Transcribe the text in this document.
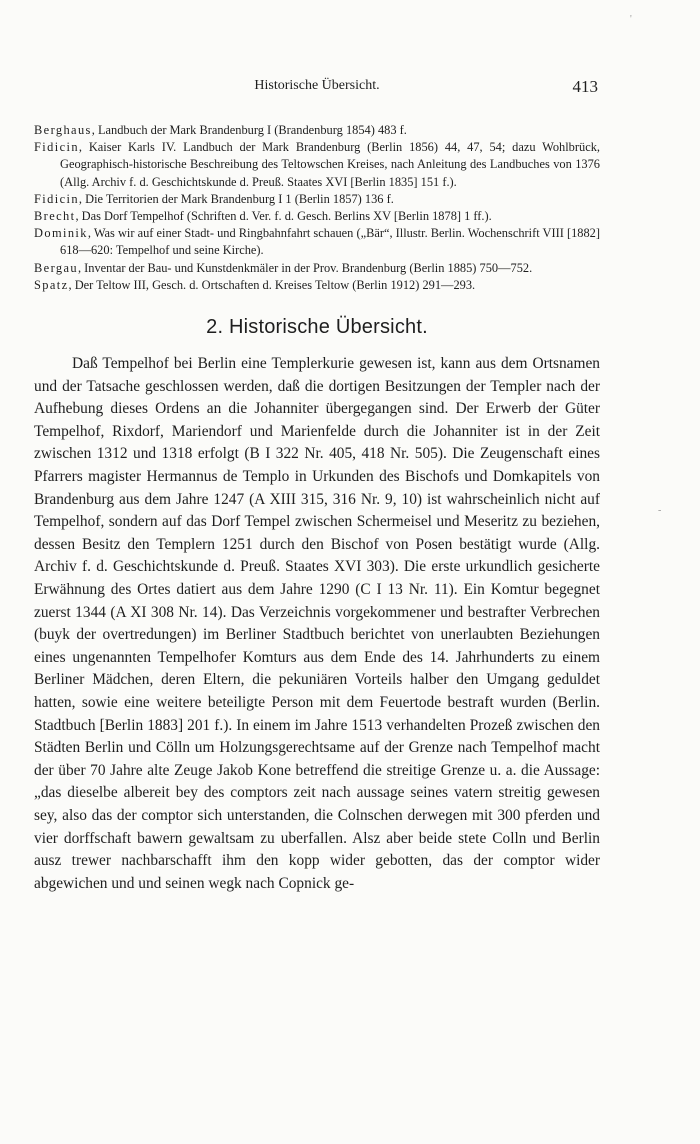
Historische Übersicht.	413
Berghaus, Landbuch der Mark Brandenburg I (Brandenburg 1854) 483 f.
Fidicin, Kaiser Karls IV. Landbuch der Mark Brandenburg (Berlin 1856) 44, 47, 54; dazu Wohlbrück, Geographisch-historische Beschreibung des Teltowschen Kreises, nach Anleitung des Landbuches von 1376 (Allg. Archiv f. d. Geschichtskunde d. Preuß. Staates XVI [Berlin 1835] 151 f.).
Fidicin, Die Territorien der Mark Brandenburg I 1 (Berlin 1857) 136 f.
Brecht, Das Dorf Tempelhof (Schriften d. Ver. f. d. Gesch. Berlins XV [Berlin 1878] 1 ff.).
Dominik, Was wir auf einer Stadt- und Ringbahnfahrt schauen („Bär“, Illustr. Berlin. Wochenschrift VIII [1882] 618—620: Tempelhof und seine Kirche).
Bergau, Inventar der Bau- und Kunstdenkmäler in der Prov. Brandenburg (Berlin 1885) 750—752.
Spatz, Der Teltow III, Gesch. d. Ortschaften d. Kreises Teltow (Berlin 1912) 291—293.
2. Historische Übersicht.

Daß Tempelhof bei Berlin eine Templerkurie gewesen ist, kann aus dem Ortsnamen und der Tatsache geschlossen werden, daß die dortigen Besitzungen der Templer nach der Aufhebung dieses Ordens an die Johanniter übergegangen sind. Der Erwerb der Güter Tempelhof, Rixdorf, Mariendorf und Marienfelde durch die Johanniter ist in der Zeit zwischen 1312 und 1318 erfolgt (B I 322 Nr. 405, 418 Nr. 505). Die Zeugenschaft eines Pfarrers magister Hermannus de Templo in Urkunden des Bischofs und Domkapitels von Brandenburg aus dem Jahre 1247 (A XIII 315, 316 Nr. 9, 10) ist wahrscheinlich nicht auf Tempelhof, sondern auf das Dorf Tempel zwischen Schermeisel und Meseritz zu beziehen, dessen Besitz den Templern 1251 durch den Bischof von Posen bestätigt wurde (Allg. Archiv f. d. Geschichtskunde d. Preuß. Staates XVI 303). Die erste urkundlich gesicherte Erwähnung des Ortes datiert aus dem Jahre 1290 (C I 13 Nr. 11). Ein Komtur begegnet zuerst 1344 (A XI 308 Nr. 14). Das Verzeichnis vorgekommener und bestrafter Verbrechen (buyk der overtredungen) im Berliner Stadtbuch berichtet von unerlaubten Beziehungen eines ungenannten Tempelhofer Komturs aus dem Ende des 14. Jahrhunderts zu einem Berliner Mädchen, deren Eltern, die pekuniären Vorteils halber den Umgang geduldet hatten, sowie eine weitere beteiligte Person mit dem Feuertode bestraft wurden (Berlin. Stadtbuch [Berlin 1883] 201 f.). In einem im Jahre 1513 verhandelten Prozeß zwischen den Städten Berlin und Cölln um Holzungsgerechtsame auf der Grenze nach Tempelhof macht der über 70 Jahre alte Zeuge Jakob Kone betreffend die streitige Grenze u. a. die Aussage: „das dieselbe albereit bey des comptors zeit nach aussage seines vatern streitig gewesen sey, also das der comptor sich unterstanden, die Colnschen derwegen mit 300 pferden und vier dorffschaft bawern gewaltsam zu uberfallen. Alsz aber beide stete Colln und Berlin ausz trewer nachbarschafft ihm den kopp wider gebotten, das der comptor wider abgewichen und und seinen wegk nach Copnick ge-

'
-
